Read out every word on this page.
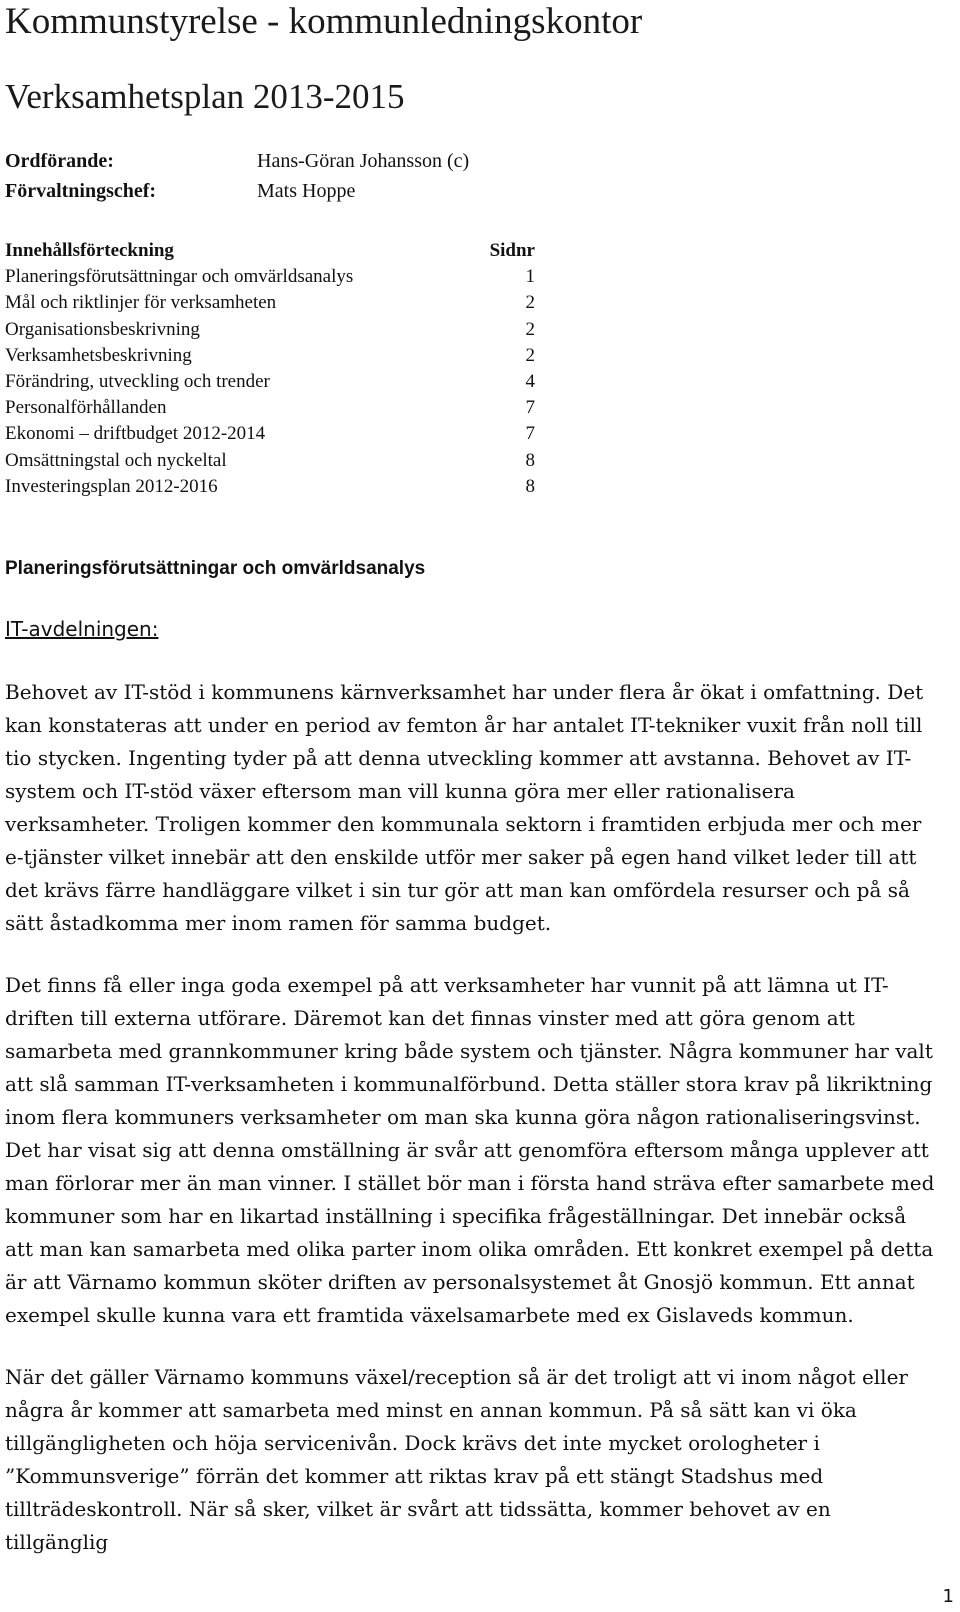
Kommunstyrelse - kommunledningskontor
Verksamhetsplan 2013-2015
Ordförande:	Hans-Göran Johansson (c)
Förvaltningschef:	Mats Hoppe
Innehållsförteckning	Sidnr
Planeringsförutsättningar och omvärldsanalys	1
Mål och riktlinjer för verksamheten	2
Organisationsbeskrivning	2
Verksamhetsbeskrivning	2
Förändring, utveckling och trender	4
Personalförhållanden	7
Ekonomi – driftbudget 2012-2014	7
Omsättningstal och nyckeltal	8
Investeringsplan 2012-2016	8
Planeringsförutsättningar och omvärldsanalys
IT-avdelningen:

Behovet av IT-stöd i kommunens kärnverksamhet har under flera år ökat i omfattning. Det kan konstateras att under en period av femton år har antalet IT-tekniker vuxit från noll till tio stycken. Ingenting tyder på att denna utveckling kommer att avstanna. Behovet av IT-system och IT-stöd växer eftersom man vill kunna göra mer eller rationalisera verksamheter. Troligen kommer den kommunala sektorn i framtiden erbjuda mer och mer e-tjänster vilket innebär att den enskilde utför mer saker på egen hand vilket leder till att det krävs färre handläggare vilket i sin tur gör att man kan omfördela resurser och på så sätt åstadkomma mer inom ramen för samma budget.

Det finns få eller inga goda exempel på att verksamheter har vunnit på att lämna ut IT-driften till externa utförare. Däremot kan det finnas vinster med att göra genom att samarbeta med grannkommuner kring både system och tjänster. Några kommuner har valt att slå samman IT-verksamheten i kommunalförbund. Detta ställer stora krav på likriktning inom flera kommuners verksamheter om man ska kunna göra någon rationaliseringsvinst. Det har visat sig att denna omställning är svår att genomföra eftersom många upplever att man förlorar mer än man vinner. I stället bör man i första hand sträva efter samarbete med kommuner som har en likartad inställning i specifika frågeställningar. Det innebär också att man kan samarbeta med olika parter inom olika områden. Ett konkret exempel på detta är att Värnamo kommun sköter driften av personalsystemet åt Gnosjö kommun. Ett annat exempel skulle kunna vara ett framtida växelsamarbete med ex Gislaveds kommun.

När det gäller Värnamo kommuns växel/reception så är det troligt att vi inom något eller några år kommer att samarbeta med minst en annan kommun. På så sätt kan vi öka tillgängligheten och höja servicenivån. Dock krävs det inte mycket orologheter i ”Kommunsverige” förrän det kommer att riktas krav på ett stängt Stadshus med tillträdeskontroll. När så sker, vilket är svårt att tidssätta, kommer behovet av en tillgänglig

1
